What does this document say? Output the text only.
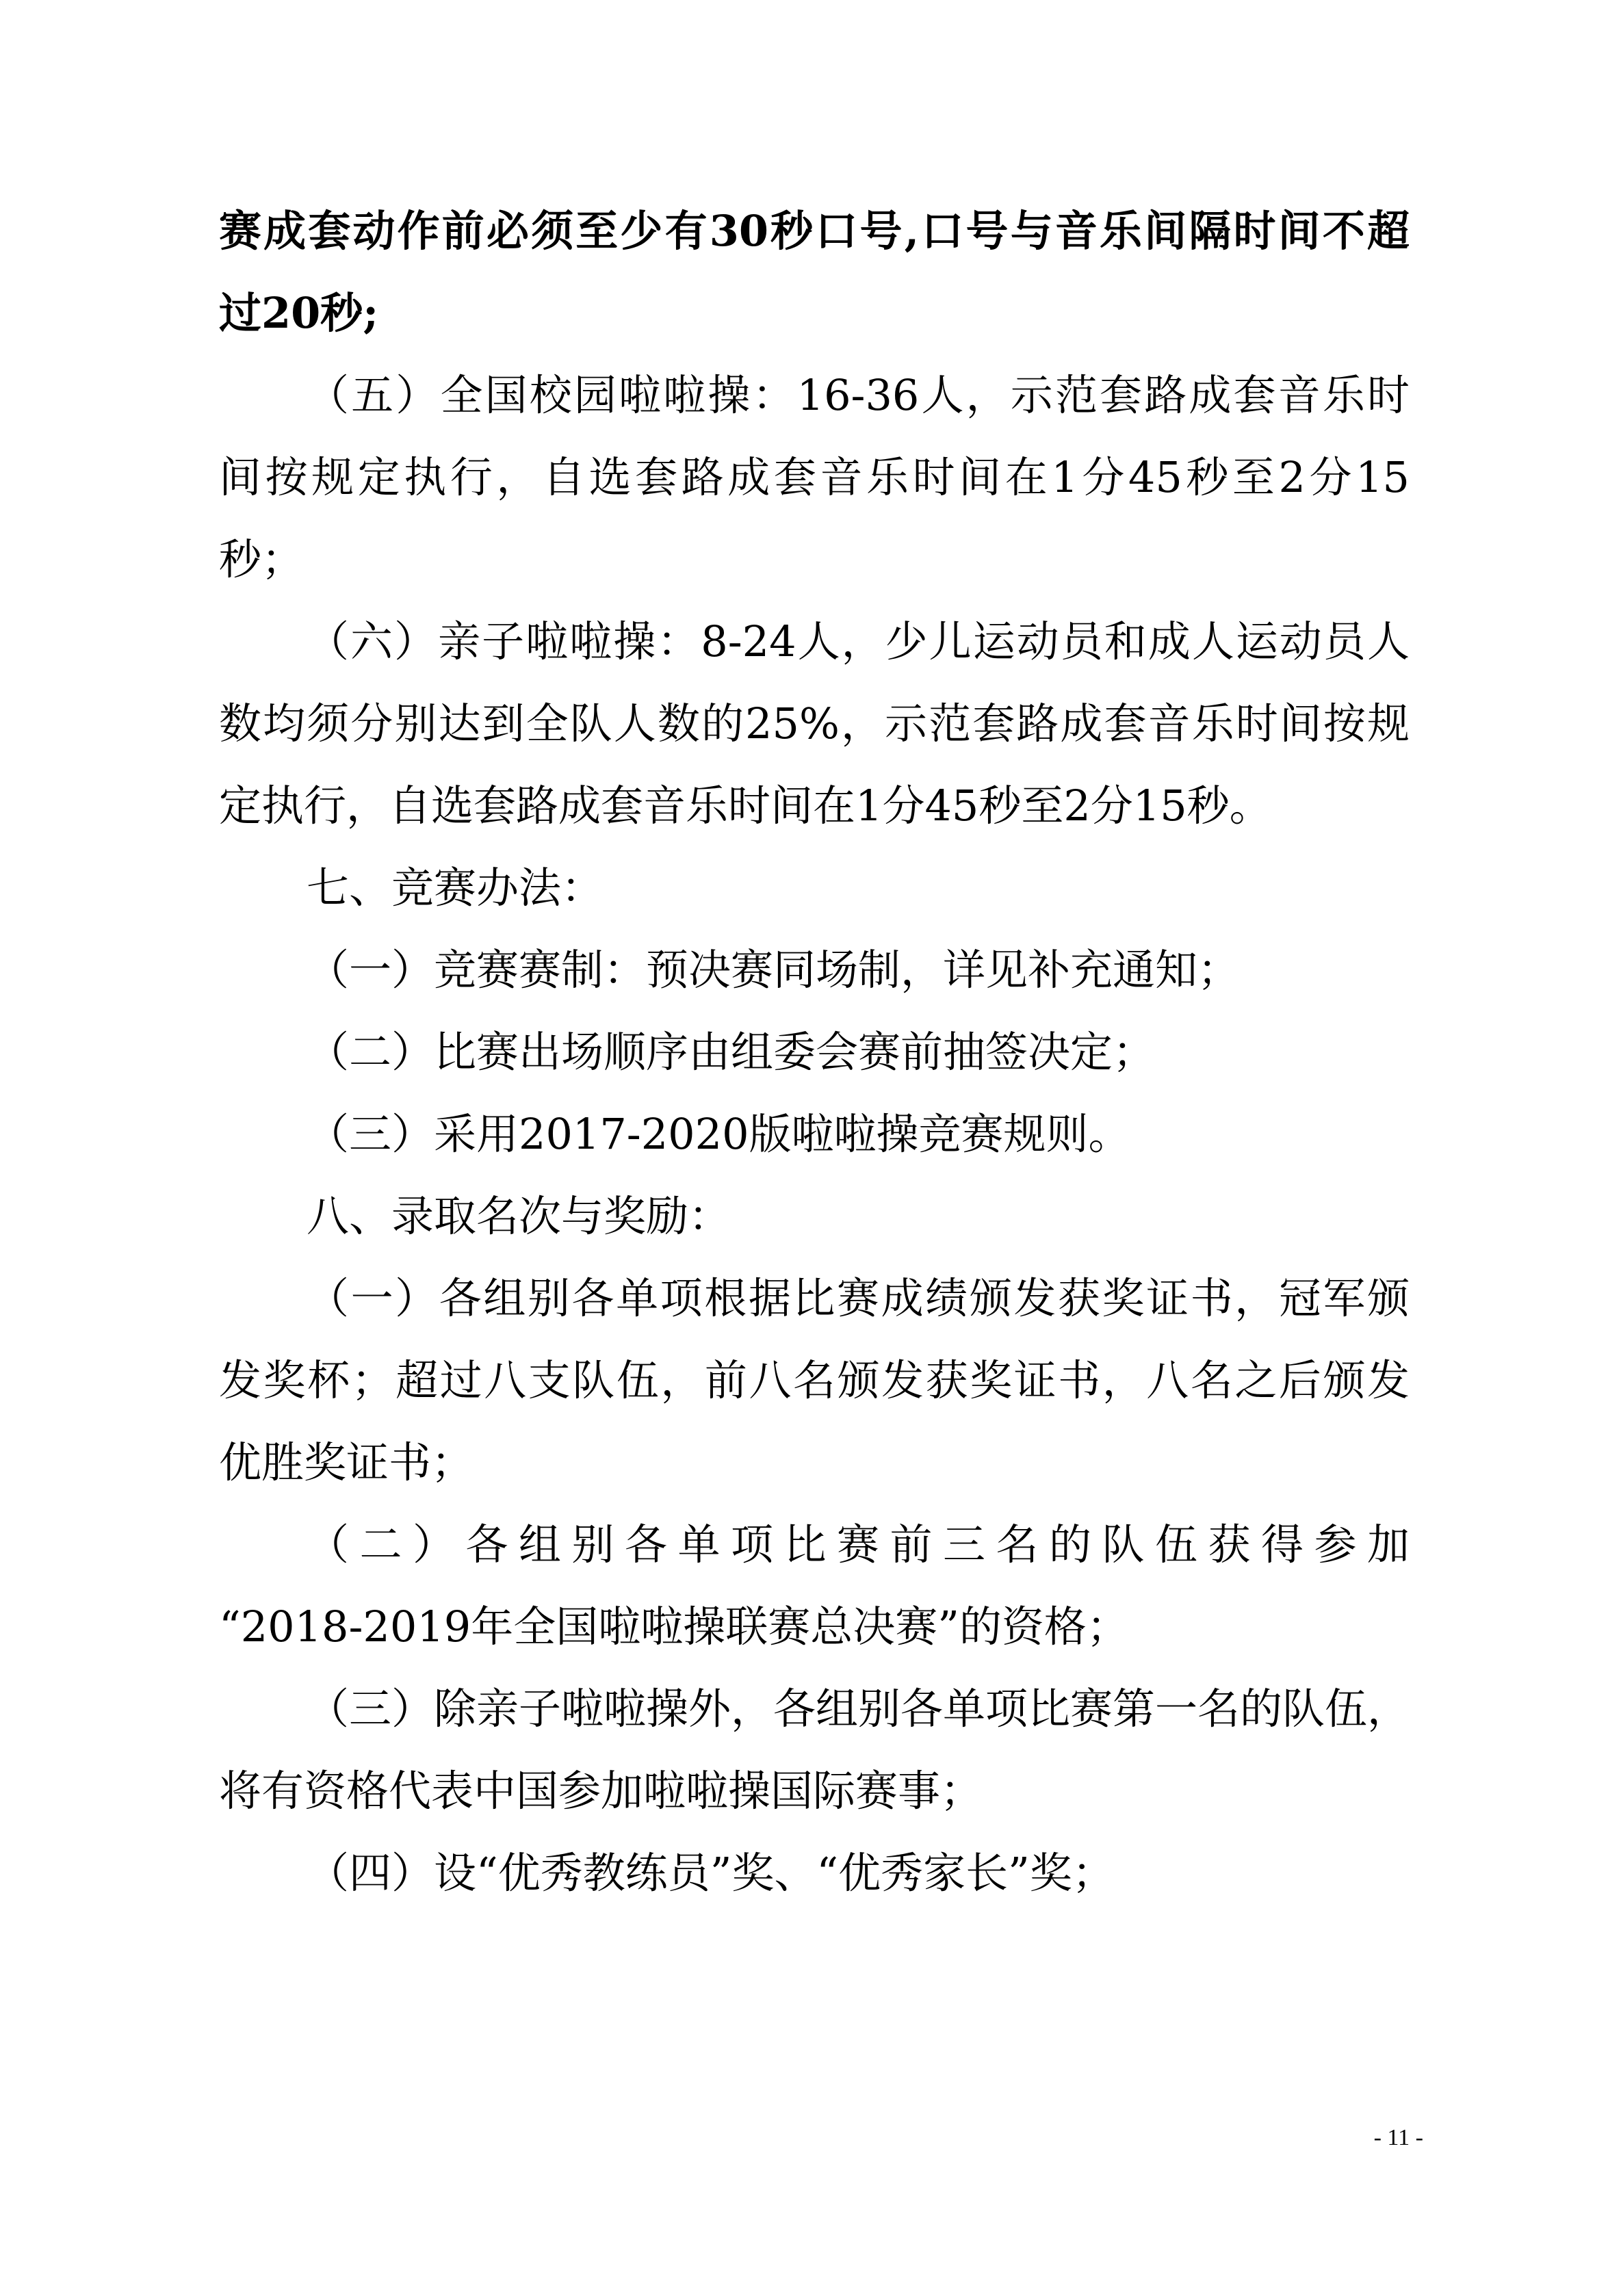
赛成套动作前必须至少有30秒口号,口号与音乐间隔时间不超
过20秒;
（五）全国校园啦啦操：16-36人，示范套路成套音乐时
间按规定执行，自选套路成套音乐时间在1分45秒至2分15
秒；
（六）亲子啦啦操：8-24人，少儿运动员和成人运动员人
数均须分别达到全队人数的25%，示范套路成套音乐时间按规
定执行，自选套路成套音乐时间在1分45秒至2分15秒。
七、竞赛办法：
（一）竞赛赛制：预决赛同场制，详见补充通知；
（二）比赛出场顺序由组委会赛前抽签决定；
（三）采用2017-2020版啦啦操竞赛规则。
八、录取名次与奖励：
（一）各组别各单项根据比赛成绩颁发获奖证书，冠军颁
发奖杯；超过八支队伍，前八名颁发获奖证书，八名之后颁发
优胜奖证书；
（二）各组别各单项比赛前三名的队伍获得参加
“2018-2019年全国啦啦操联赛总决赛”的资格；
（三）除亲子啦啦操外，各组别各单项比赛第一名的队伍，
将有资格代表中国参加啦啦操国际赛事；
（四）设“优秀教练员”奖、“优秀家长”奖；
- 11 -
